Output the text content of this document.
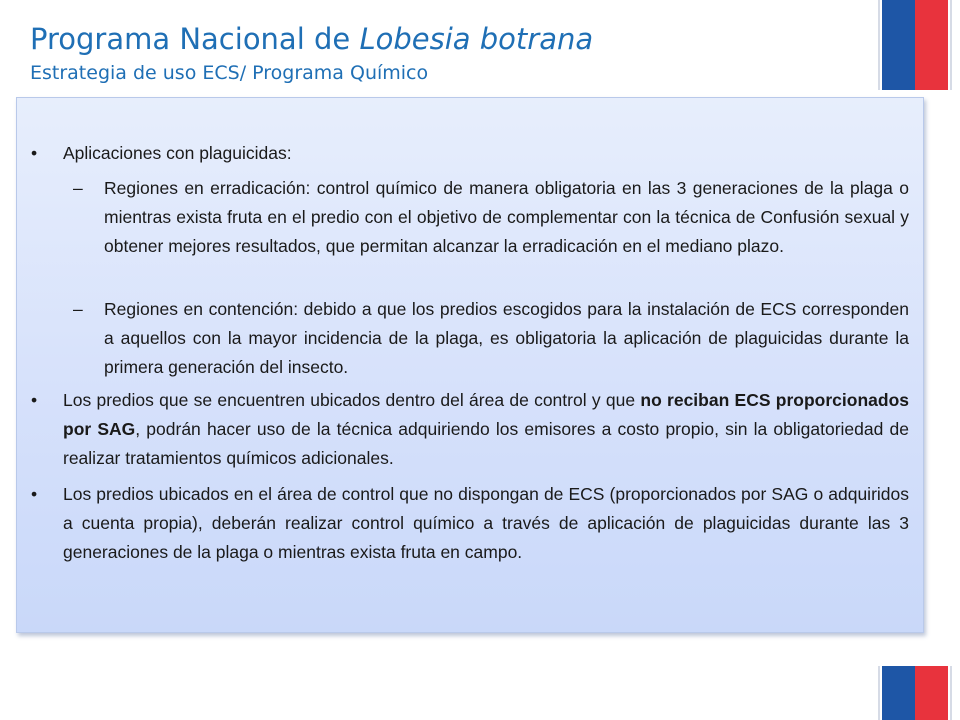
Programa Nacional de Lobesia botrana
Estrategia de uso ECS/ Programa Químico
• Aplicaciones con plaguicidas:
– Regiones en erradicación: control químico de manera obligatoria en las 3 generaciones de la plaga o mientras exista fruta en el predio con el objetivo de complementar con la técnica de Confusión sexual y obtener mejores resultados, que permitan alcanzar la erradicación en el mediano plazo.
– Regiones en contención: debido a que los predios escogidos para la instalación de ECS corresponden a aquellos con la mayor incidencia de la plaga, es obligatoria la aplicación de plaguicidas durante la primera generación del insecto.
• Los predios que se encuentren ubicados dentro del área de control y que no reciban ECS proporcionados por SAG, podrán hacer uso de la técnica adquiriendo los emisores a costo propio, sin la obligatoriedad de realizar tratamientos químicos adicionales.
• Los predios ubicados en el área de control que no dispongan de ECS (proporcionados por SAG o adquiridos a cuenta propia), deberán realizar control químico a través de aplicación de plaguicidas durante las 3 generaciones de la plaga o mientras exista fruta en campo.
